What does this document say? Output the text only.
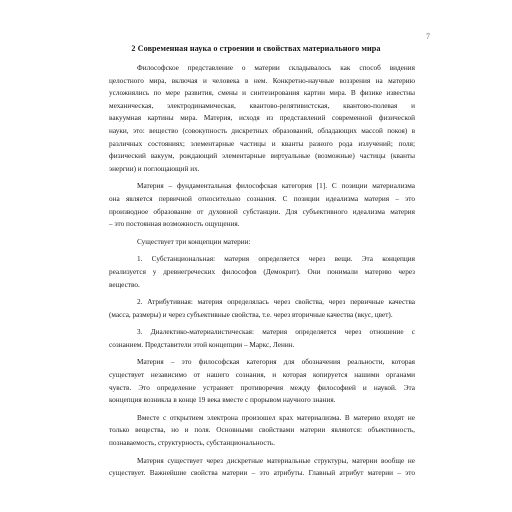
7
2 Современная наука о строении и свойствах материального мира

Философское представление о материи складывалось как способ видения
целостного мира, включая и человека в нем. Конкретно-научные воззрения на материю
усложнялись по мере развития, смены и синтезирования картин мира. В физике известны
механическая, электродинамическая, квантово-релятивистская, квантово-полевая и
вакуумная картины мира. Материя, исходя из представлений современной физической
науки, это: вещество (совокупность дискретных образований, обладающих массой покоя) в
различных состояниях; элементарные частицы и кванты разного рода излучений; поля;
физический вакуум, рождающий элементарные виртуальные (возможные) частицы (кванты
энергии) и поглощающий их.

Материя – фундаментальная философская категория [1]. С позиции материализма
она является первичной относительно сознания. С позиции идеализма материя – это
производное образование от духовной субстанции. Для субъективного идеализма материя
– это постоянная возможность ощущения.

Существует три концепции материи:

1. Субстанциональная: материя определяется через вещи. Эта концепция
реализуется у древнегреческих философов (Демокрит). Они понимали материю через
вещество.

2. Атрибутивная: материя определялась через свойства, через первичные качества
(масса, размеры) и через субъективные свойства, т.е. через вторичные качества (вкус, цвет).

3. Диалектико-материалистическая: материя определяется через отношение с
сознанием. Представители этой концепции – Маркс, Ленин.

Материя – это философская категория для обозначения реальности, которая
существует независимо от нашего сознания, и которая копируется нашими органами
чувств. Это определение устраняет противоречия между философией и наукой. Эта
концепция возникла в конце 19 века вместе с прорывом научного знания.

Вместе с открытием электрона произошел крах материализма. В материю входят не
только вещества, но и поля. Основными свойствами материи являются: объективность,
познаваемость, структурность, субстанциональность.

Материя существует через дискретные материальные структуры, материи вообще не
существует. Важнейшие свойства материи – это атрибуты. Главный атрибут материи – это
